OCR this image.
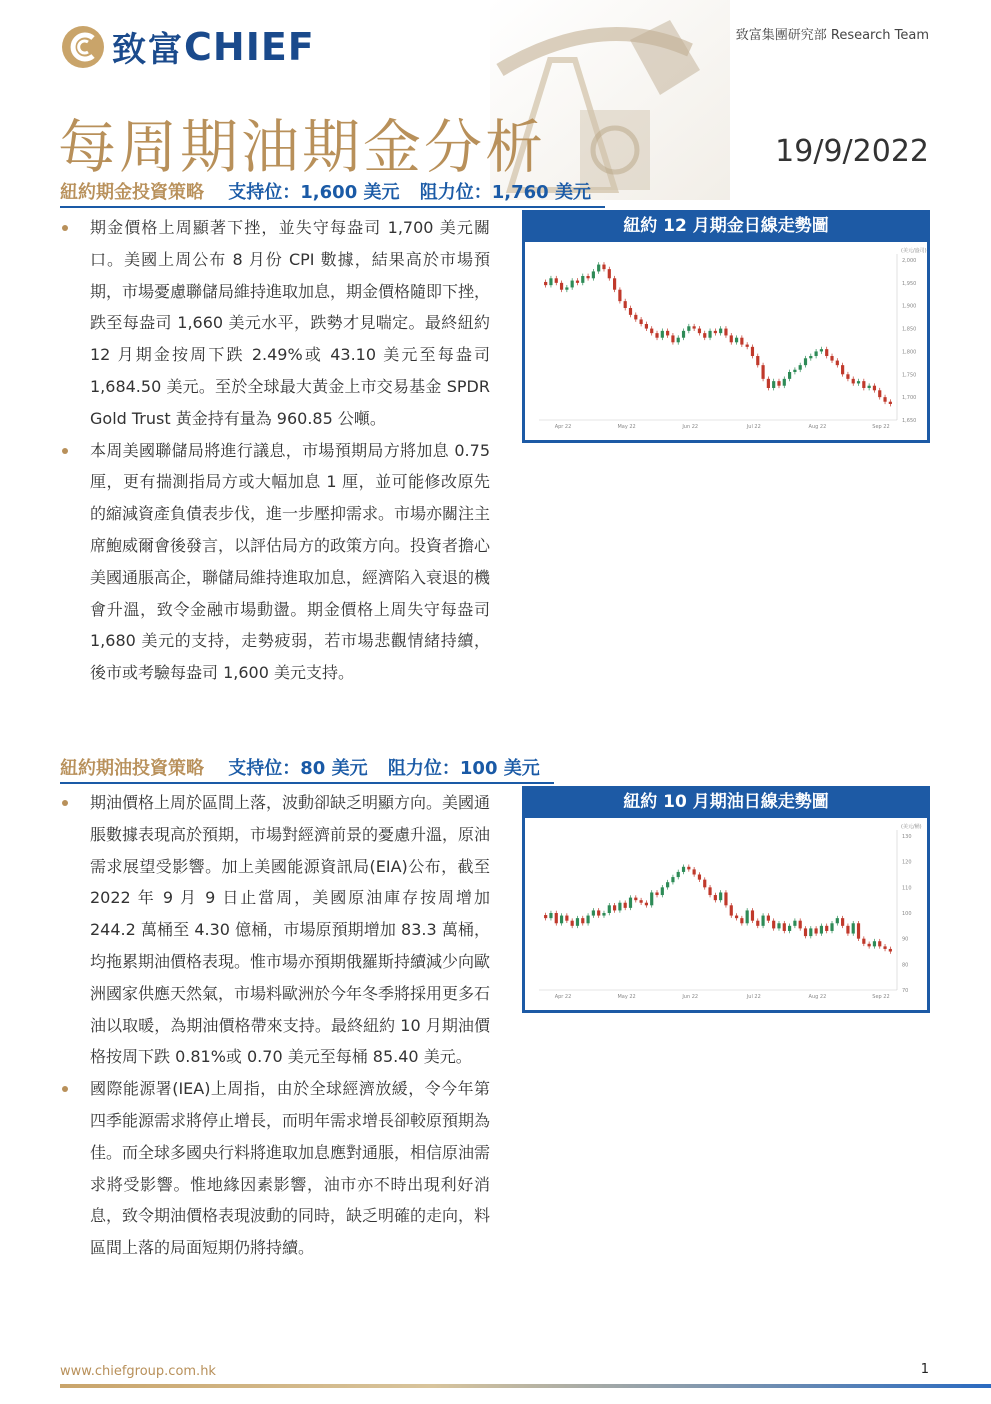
致富 CHIEF	致富集團研究部 Research Team
每周期油期金分析	19/9/2022
紐約期金投資策略 支持位：1,600 美元 阻力位：1,760 美元
期金價格上周顯著下挫，並失守每盎司 1,700 美元關口。美國上周公布 8 月份 CPI 數據，結果高於市場預期，市場憂慮聯儲局維持進取加息，期金價格隨即下挫，跌至每盎司 1,660 美元水平，跌勢才見喘定。最終紐約 12 月期金按周下跌 2.49%或 43.10 美元至每盎司 1,684.50 美元。至於全球最大黃金上市交易基金 SPDR Gold Trust 黃金持有量為 960.85 公噸。
本周美國聯儲局將進行議息，市場預期局方將加息 0.75 厘，更有揣測指局方或大幅加息 1 厘，並可能修改原先的縮減資產負債表步伐，進一步壓抑需求。市場亦關注主席鮑威爾會後發言，以評估局方的政策方向。投資者擔心美國通脹高企，聯儲局維持進取加息，經濟陷入衰退的機會升溫，致令金融市場動盪。期金價格上周失守每盎司 1,680 美元的支持，走勢疲弱，若市場悲觀情緒持續，後市或考驗每盎司 1,600 美元支持。
紐約 12 月期金日線走勢圖
(美元/盎司)
2,000
1,950
1,900
1,850
1,800
1,750
1,700
1,650
Apr 22	May 22	Jun 22	Jul 22	Aug 22	Sep 22
紐約期油投資策略 支持位：80 美元 阻力位：100 美元
期油價格上周於區間上落，波動卻缺乏明顯方向。美國通脹數據表現高於預期，市場對經濟前景的憂慮升溫，原油需求展望受影響。加上美國能源資訊局(EIA)公布，截至 2022 年 9 月 9 日止當周，美國原油庫存按周增加 244.2 萬桶至 4.30 億桶，市場原預期增加 83.3 萬桶，均拖累期油價格表現。惟市場亦預期俄羅斯持續減少向歐洲國家供應天然氣，市場料歐洲於今年冬季將採用更多石油以取暖，為期油價格帶來支持。最終紐約 10 月期油價格按周下跌 0.81%或 0.70 美元至每桶 85.40 美元。
國際能源署(IEA)上周指，由於全球經濟放緩，令今年第四季能源需求將停止增長，而明年需求增長卻較原預期為佳。而全球多國央行料將進取加息應對通脹，相信原油需求將受影響。惟地緣因素影響，油市亦不時出現利好消息，致令期油價格表現波動的同時，缺乏明確的走向，料區間上落的局面短期仍將持續。
紐約 10 月期油日線走勢圖
(美元/桶)
130
120
110
100
90
80
70
Apr 22	May 22	Jun 22	Jul 22	Aug 22	Sep 22
www.chiefgroup.com.hk	1
